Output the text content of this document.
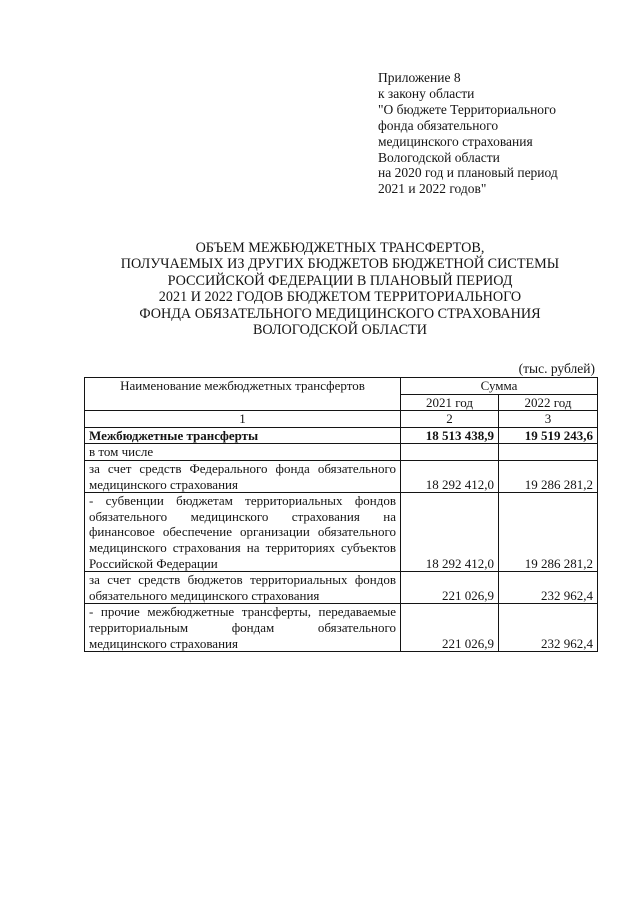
Приложение 8
к закону области
"О бюджете Территориального
фонда обязательного
медицинского страхования
Вологодской области
на 2020 год и плановый период
2021 и 2022 годов"
ОБЪЕМ МЕЖБЮДЖЕТНЫХ ТРАНСФЕРТОВ,
ПОЛУЧАЕМЫХ ИЗ ДРУГИХ БЮДЖЕТОВ БЮДЖЕТНОЙ СИСТЕМЫ
РОССИЙСКОЙ ФЕДЕРАЦИИ В ПЛАНОВЫЙ ПЕРИОД
2021 И 2022 ГОДОВ БЮДЖЕТОМ ТЕРРИТОРИАЛЬНОГО
ФОНДА ОБЯЗАТЕЛЬНОГО МЕДИЦИНСКОГО СТРАХОВАНИЯ
ВОЛОГОДСКОЙ ОБЛАСТИ
(тыс. рублей)
Наименование межбюджетных трансфертов	Сумма	
	2021 год	2022 год
1	2	3
Межбюджетные трансферты	18 513 438,9	19 519 243,6
в том числе		
за счет средств Федерального фонда обязательного медицинского страхования	18 292 412,0	19 286 281,2
- субвенции бюджетам территориальных фондов обязательного медицинского страхования на финансовое обеспечение организации обязательного медицинского страхования на территориях субъектов Российской Федерации	18 292 412,0	19 286 281,2
за счет средств бюджетов территориальных фондов обязательного медицинского страхования	221 026,9	232 962,4
- прочие межбюджетные трансферты, передаваемые территориальным фондам обязательного медицинского страхования	221 026,9	232 962,4
